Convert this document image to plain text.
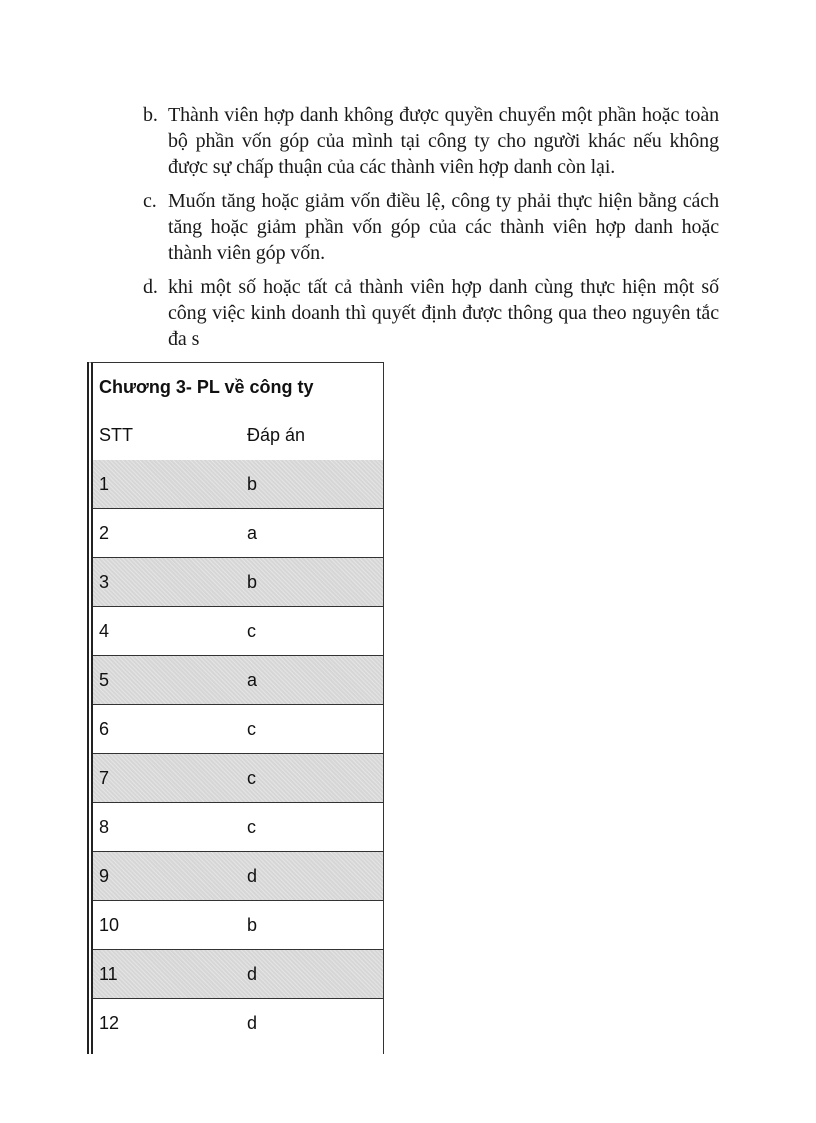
b. Thành viên hợp danh không được quyền chuyển một phần hoặc toàn bộ phần vốn góp của mình tại công ty cho người khác nếu không được sự chấp thuận của các thành viên hợp danh còn lại.
c. Muốn tăng hoặc giảm vốn điều lệ, công ty phải thực hiện bằng cách tăng hoặc giảm phần vốn góp của các thành viên hợp danh hoặc thành viên góp vốn.
d. khi một số hoặc tất cả thành viên hợp danh cùng thực hiện một số công việc kinh doanh thì quyết định được thông qua theo nguyên tắc đa s
Chương 3- PL về công ty
STT	Đáp án
1	b
2	a
3	b
4	c
5	a
6	c
7	c
8	c
9	d
10	b
11	d
12	d
